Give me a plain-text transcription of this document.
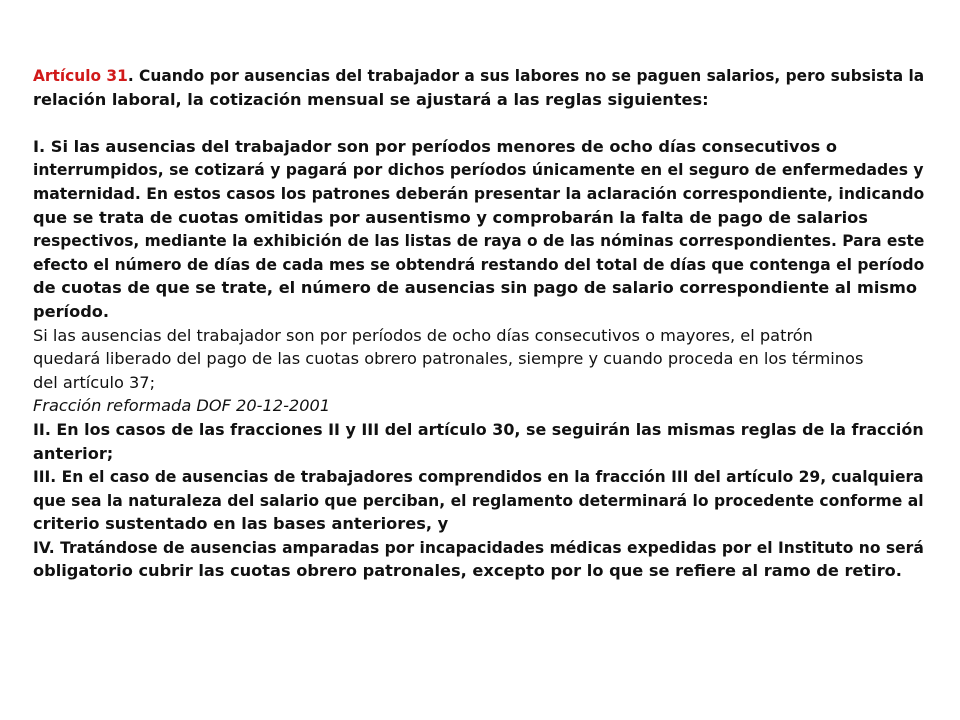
Artículo 31. Cuando por ausencias del trabajador a sus labores no se paguen salarios, pero subsista la
relación laboral, la cotización mensual se ajustará a las reglas siguientes:
I. Si las ausencias del trabajador son por períodos menores de ocho días consecutivos o
interrumpidos, se cotizará y pagará por dichos períodos únicamente en el seguro de enfermedades y
maternidad. En estos casos los patrones deberán presentar la aclaración correspondiente, indicando
que se trata de cuotas omitidas por ausentismo y comprobarán la falta de pago de salarios
respectivos, mediante la exhibición de las listas de raya o de las nóminas correspondientes. Para este
efecto el número de días de cada mes se obtendrá restando del total de días que contenga el período
de cuotas de que se trate, el número de ausencias sin pago de salario correspondiente al mismo
período.
Si las ausencias del trabajador son por períodos de ocho días consecutivos o mayores, el patrón
quedará liberado del pago de las cuotas obrero patronales, siempre y cuando proceda en los términos
del artículo 37;
Fracción reformada DOF 20-12-2001
II. En los casos de las fracciones II y III del artículo 30, se seguirán las mismas reglas de la fracción
anterior;
III. En el caso de ausencias de trabajadores comprendidos en la fracción III del artículo 29, cualquiera
que sea la naturaleza del salario que perciban, el reglamento determinará lo procedente conforme al
criterio sustentado en las bases anteriores, y
IV. Tratándose de ausencias amparadas por incapacidades médicas expedidas por el Instituto no será
obligatorio cubrir las cuotas obrero patronales, excepto por lo que se refiere al ramo de retiro.
